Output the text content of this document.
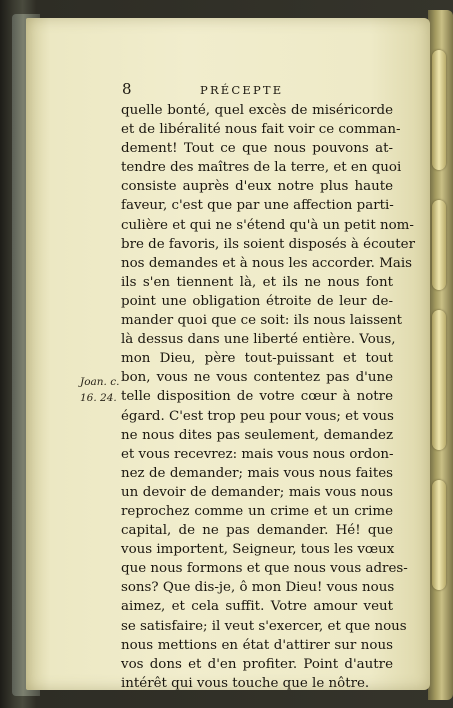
8	PRÉCEPTE
Joan. c.
16. 24.
quelle bonté, quel excès de miséricorde
et de libéralité nous fait voir ce comman-
dement! Tout ce que nous pouvons at-
tendre des maîtres de la terre, et en quoi
consiste auprès d'eux notre plus haute
faveur, c'est que par une affection parti-
culière et qui ne s'étend qu'à un petit nom-
bre de favoris, ils soient disposés à écouter
nos demandes et à nous les accorder. Mais
ils s'en tiennent là, et ils ne nous font
point une obligation étroite de leur de-
mander quoi que ce soit: ils nous laissent
là dessus dans une liberté entière. Vous,
mon Dieu, père tout-puissant et tout
bon, vous ne vous contentez pas d'une
telle disposition de votre cœur à notre
égard. C'est trop peu pour vous; et vous
ne nous dites pas seulement, demandez
et vous recevrez: mais vous nous ordon-
nez de demander; mais vous nous faites
un devoir de demander; mais vous nous
reprochez comme un crime et un crime
capital, de ne pas demander. Hé! que
vous importent, Seigneur, tous les vœux
que nous formons et que nous vous adres-
sons? Que dis-je, ô mon Dieu! vous nous
aimez, et cela suffit. Votre amour veut
se satisfaire; il veut s'exercer, et que nous
nous mettions en état d'attirer sur nous
vos dons et d'en profiter. Point d'autre
intérêt qui vous touche que le nôtre.
